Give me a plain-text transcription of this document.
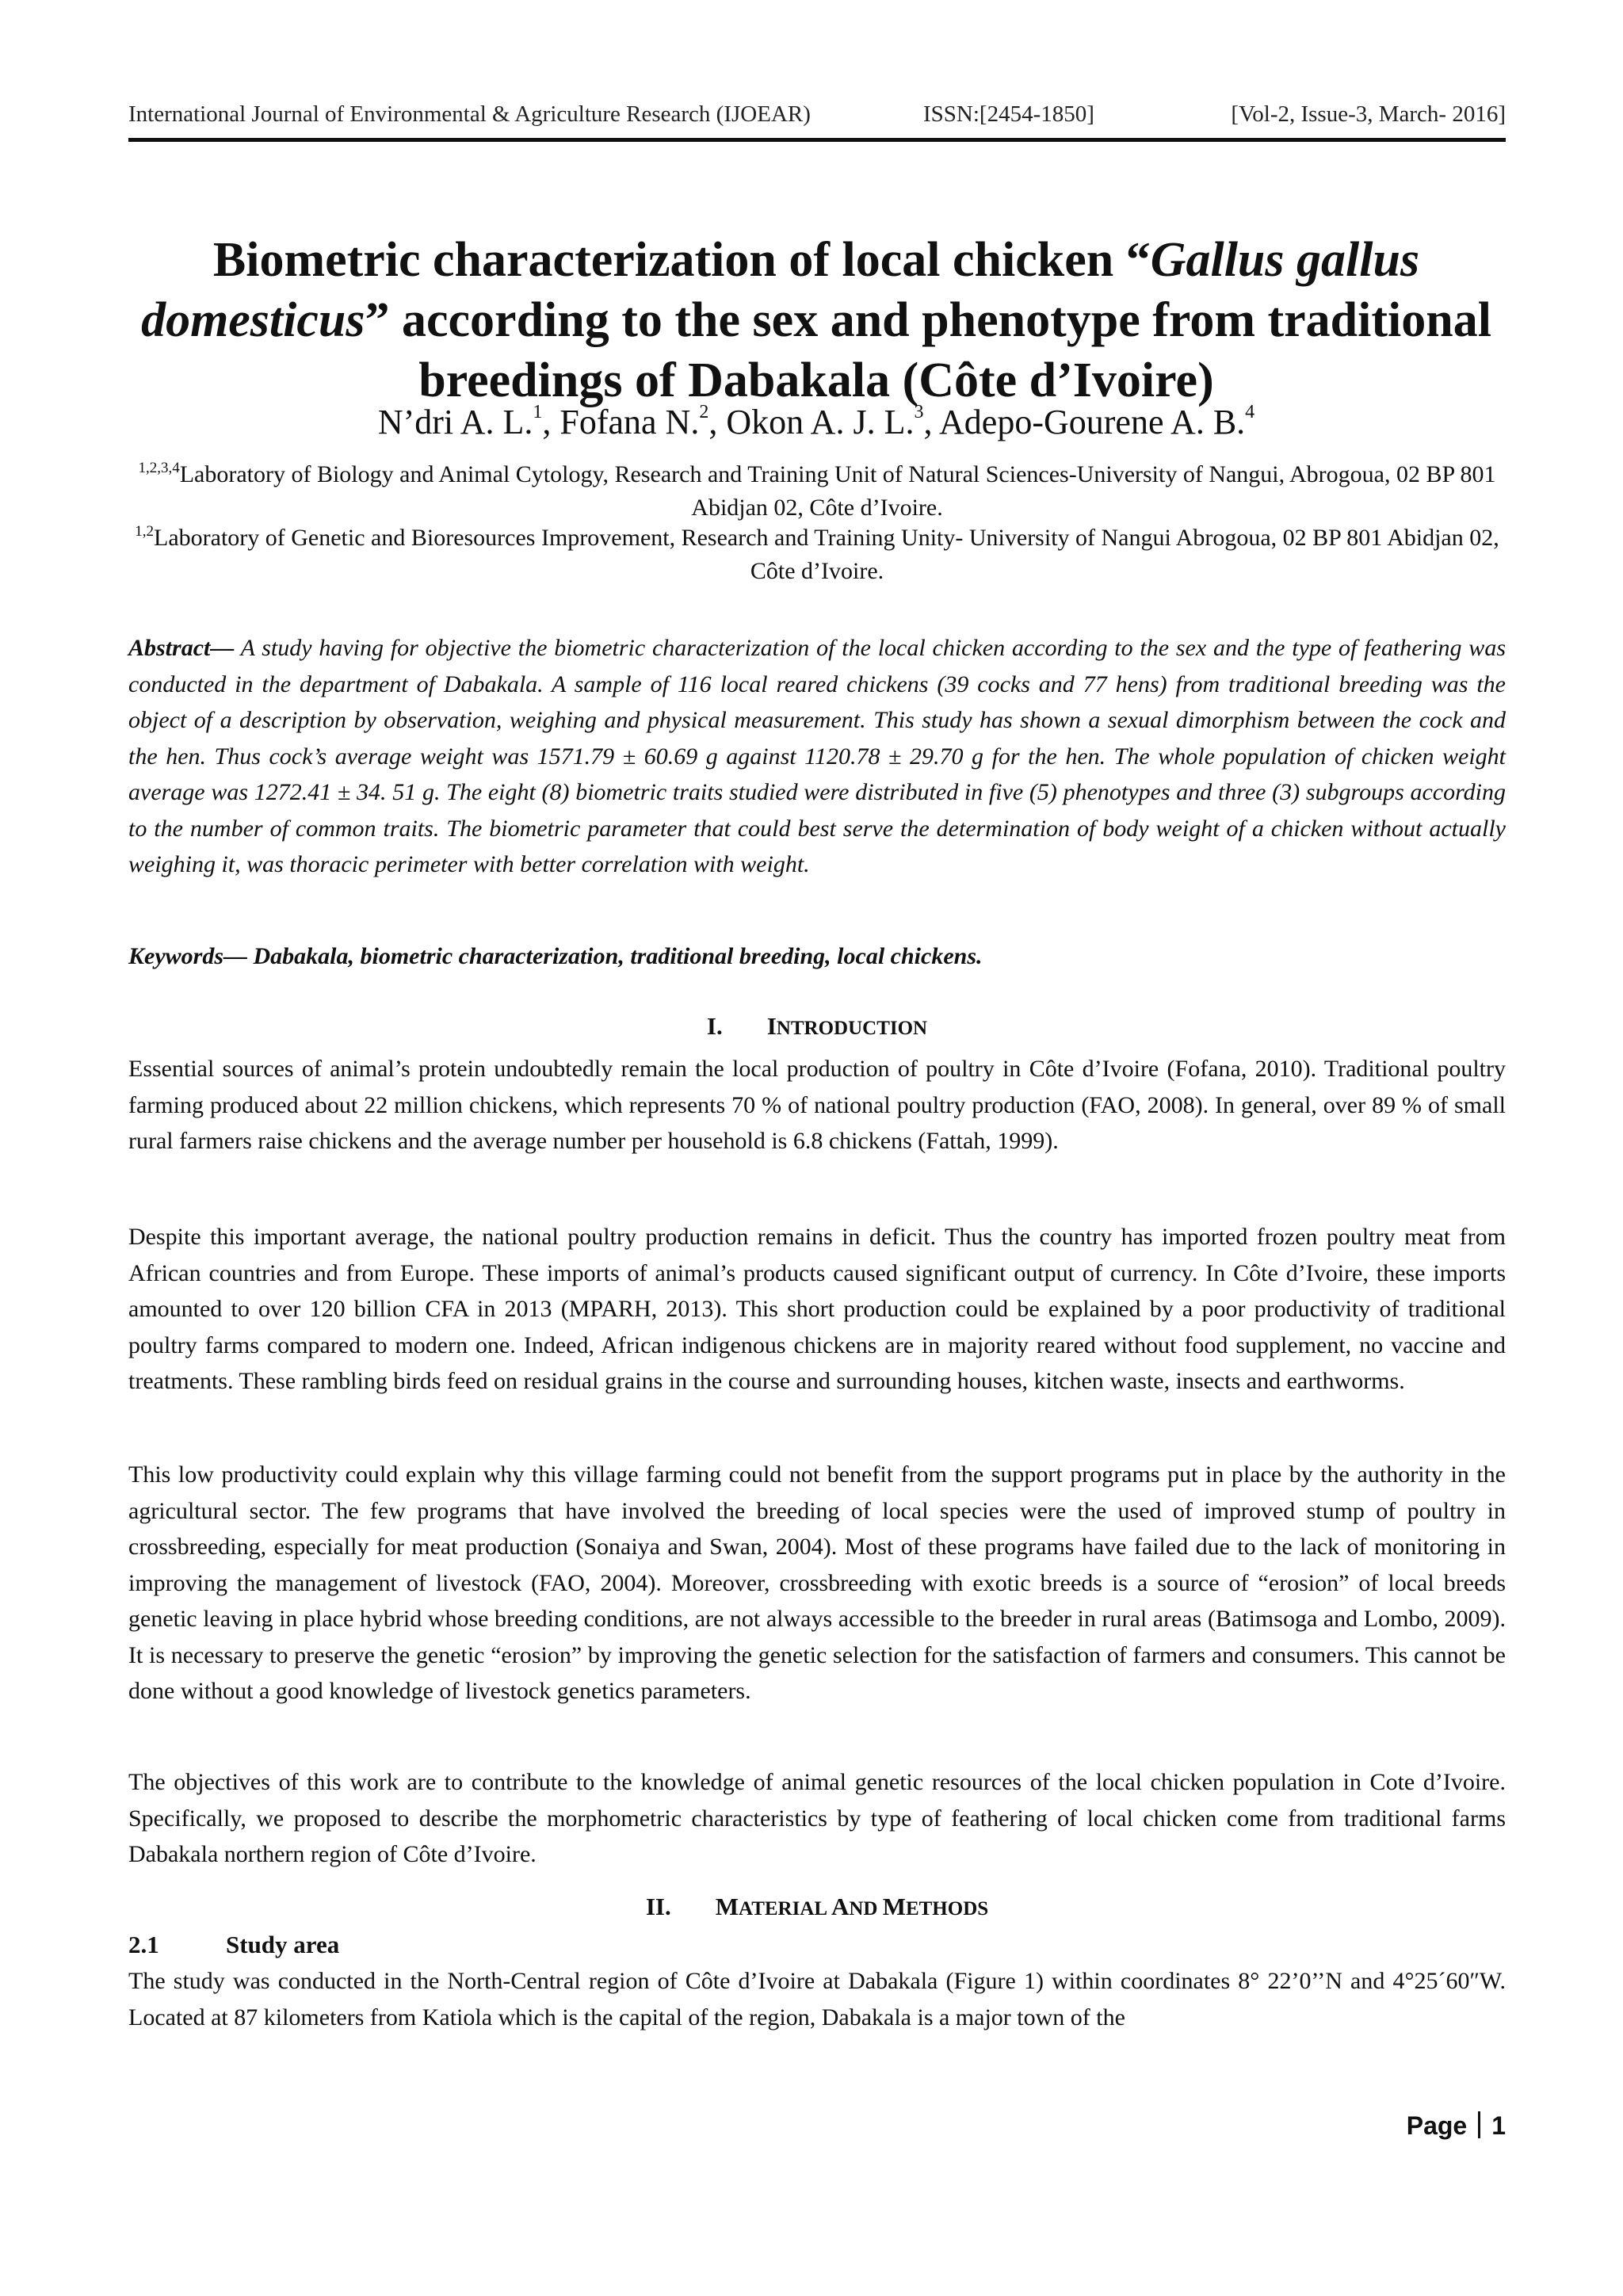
International Journal of Environmental & Agriculture Research (IJOEAR)	ISSN:[2454-1850]	[Vol-2, Issue-3, March- 2016]
Biometric characterization of local chicken “Gallus gallus domesticus” according to the sex and phenotype from traditional breedings of Dabakala (Côte d’Ivoire)
N’dri A. L.$^1$, Fofana N.$^2$, Okon A. J. L.$^3$, Adepo-Gourene A. B.$^4$
$^{1,2,3,4}$Laboratory of Biology and Animal Cytology, Research and Training Unit of Natural Sciences-University of Nangui, Abrogoua, 02 BP 801 Abidjan 02, Côte d’Ivoire.
$^{1,2}$Laboratory of Genetic and Bioresources Improvement, Research and Training Unity- University of Nangui Abrogoua, 02 BP 801 Abidjan 02, Côte d’Ivoire.

Abstract— A study having for objective the biometric characterization of the local chicken according to the sex and the type of feathering was conducted in the department of Dabakala. A sample of 116 local reared chickens (39 cocks and 77 hens) from traditional breeding was the object of a description by observation, weighing and physical measurement. This study has shown a sexual dimorphism between the cock and the hen. Thus cock’s average weight was 1571.79 ± 60.69 g against 1120.78 ± 29.70 g for the hen. The whole population of chicken weight average was 1272.41 ± 34. 51 g. The eight (8) biometric traits studied were distributed in five (5) phenotypes and three (3) subgroups according to the number of common traits. The biometric parameter that could best serve the determination of body weight of a chicken without actually weighing it, was thoracic perimeter with better correlation with weight.

Keywords— Dabakala, biometric characterization, traditional breeding, local chickens.

I. INTRODUCTION

Essential sources of animal’s protein undoubtedly remain the local production of poultry in Côte d’Ivoire (Fofana, 2010). Traditional poultry farming produced about 22 million chickens, which represents 70 % of national poultry production (FAO, 2008). In general, over 89 % of small rural farmers raise chickens and the average number per household is 6.8 chickens (Fattah, 1999).

Despite this important average, the national poultry production remains in deficit. Thus the country has imported frozen poultry meat from African countries and from Europe. These imports of animal’s products caused significant output of currency. In Côte d’Ivoire, these imports amounted to over 120 billion CFA in 2013 (MPARH, 2013). This short production could be explained by a poor productivity of traditional poultry farms compared to modern one. Indeed, African indigenous chickens are in majority reared without food supplement, no vaccine and treatments. These rambling birds feed on residual grains in the course and surrounding houses, kitchen waste, insects and earthworms.

This low productivity could explain why this village farming could not benefit from the support programs put in place by the authority in the agricultural sector. The few programs that have involved the breeding of local species were the used of improved stump of poultry in crossbreeding, especially for meat production (Sonaiya and Swan, 2004). Most of these programs have failed due to the lack of monitoring in improving the management of livestock (FAO, 2004). Moreover, crossbreeding with exotic breeds is a source of “erosion” of local breeds genetic leaving in place hybrid whose breeding conditions, are not always accessible to the breeder in rural areas (Batimsoga and Lombo, 2009). It is necessary to preserve the genetic “erosion” by improving the genetic selection for the satisfaction of farmers and consumers. This cannot be done without a good knowledge of livestock genetics parameters.

The objectives of this work are to contribute to the knowledge of animal genetic resources of the local chicken population in Cote d’Ivoire. Specifically, we proposed to describe the morphometric characteristics by type of feathering of local chicken come from traditional farms Dabakala northern region of Côte d’Ivoire.

II. MATERIAL AND METHODS
2.1	Study area

The study was conducted in the North-Central region of Côte d’Ivoire at Dabakala (Figure 1) within coordinates 8° 22’0’’N and 4°25´60″W. Located at 87 kilometers from Katiola which is the capital of the region, Dabakala is a major town of the

Page 1
